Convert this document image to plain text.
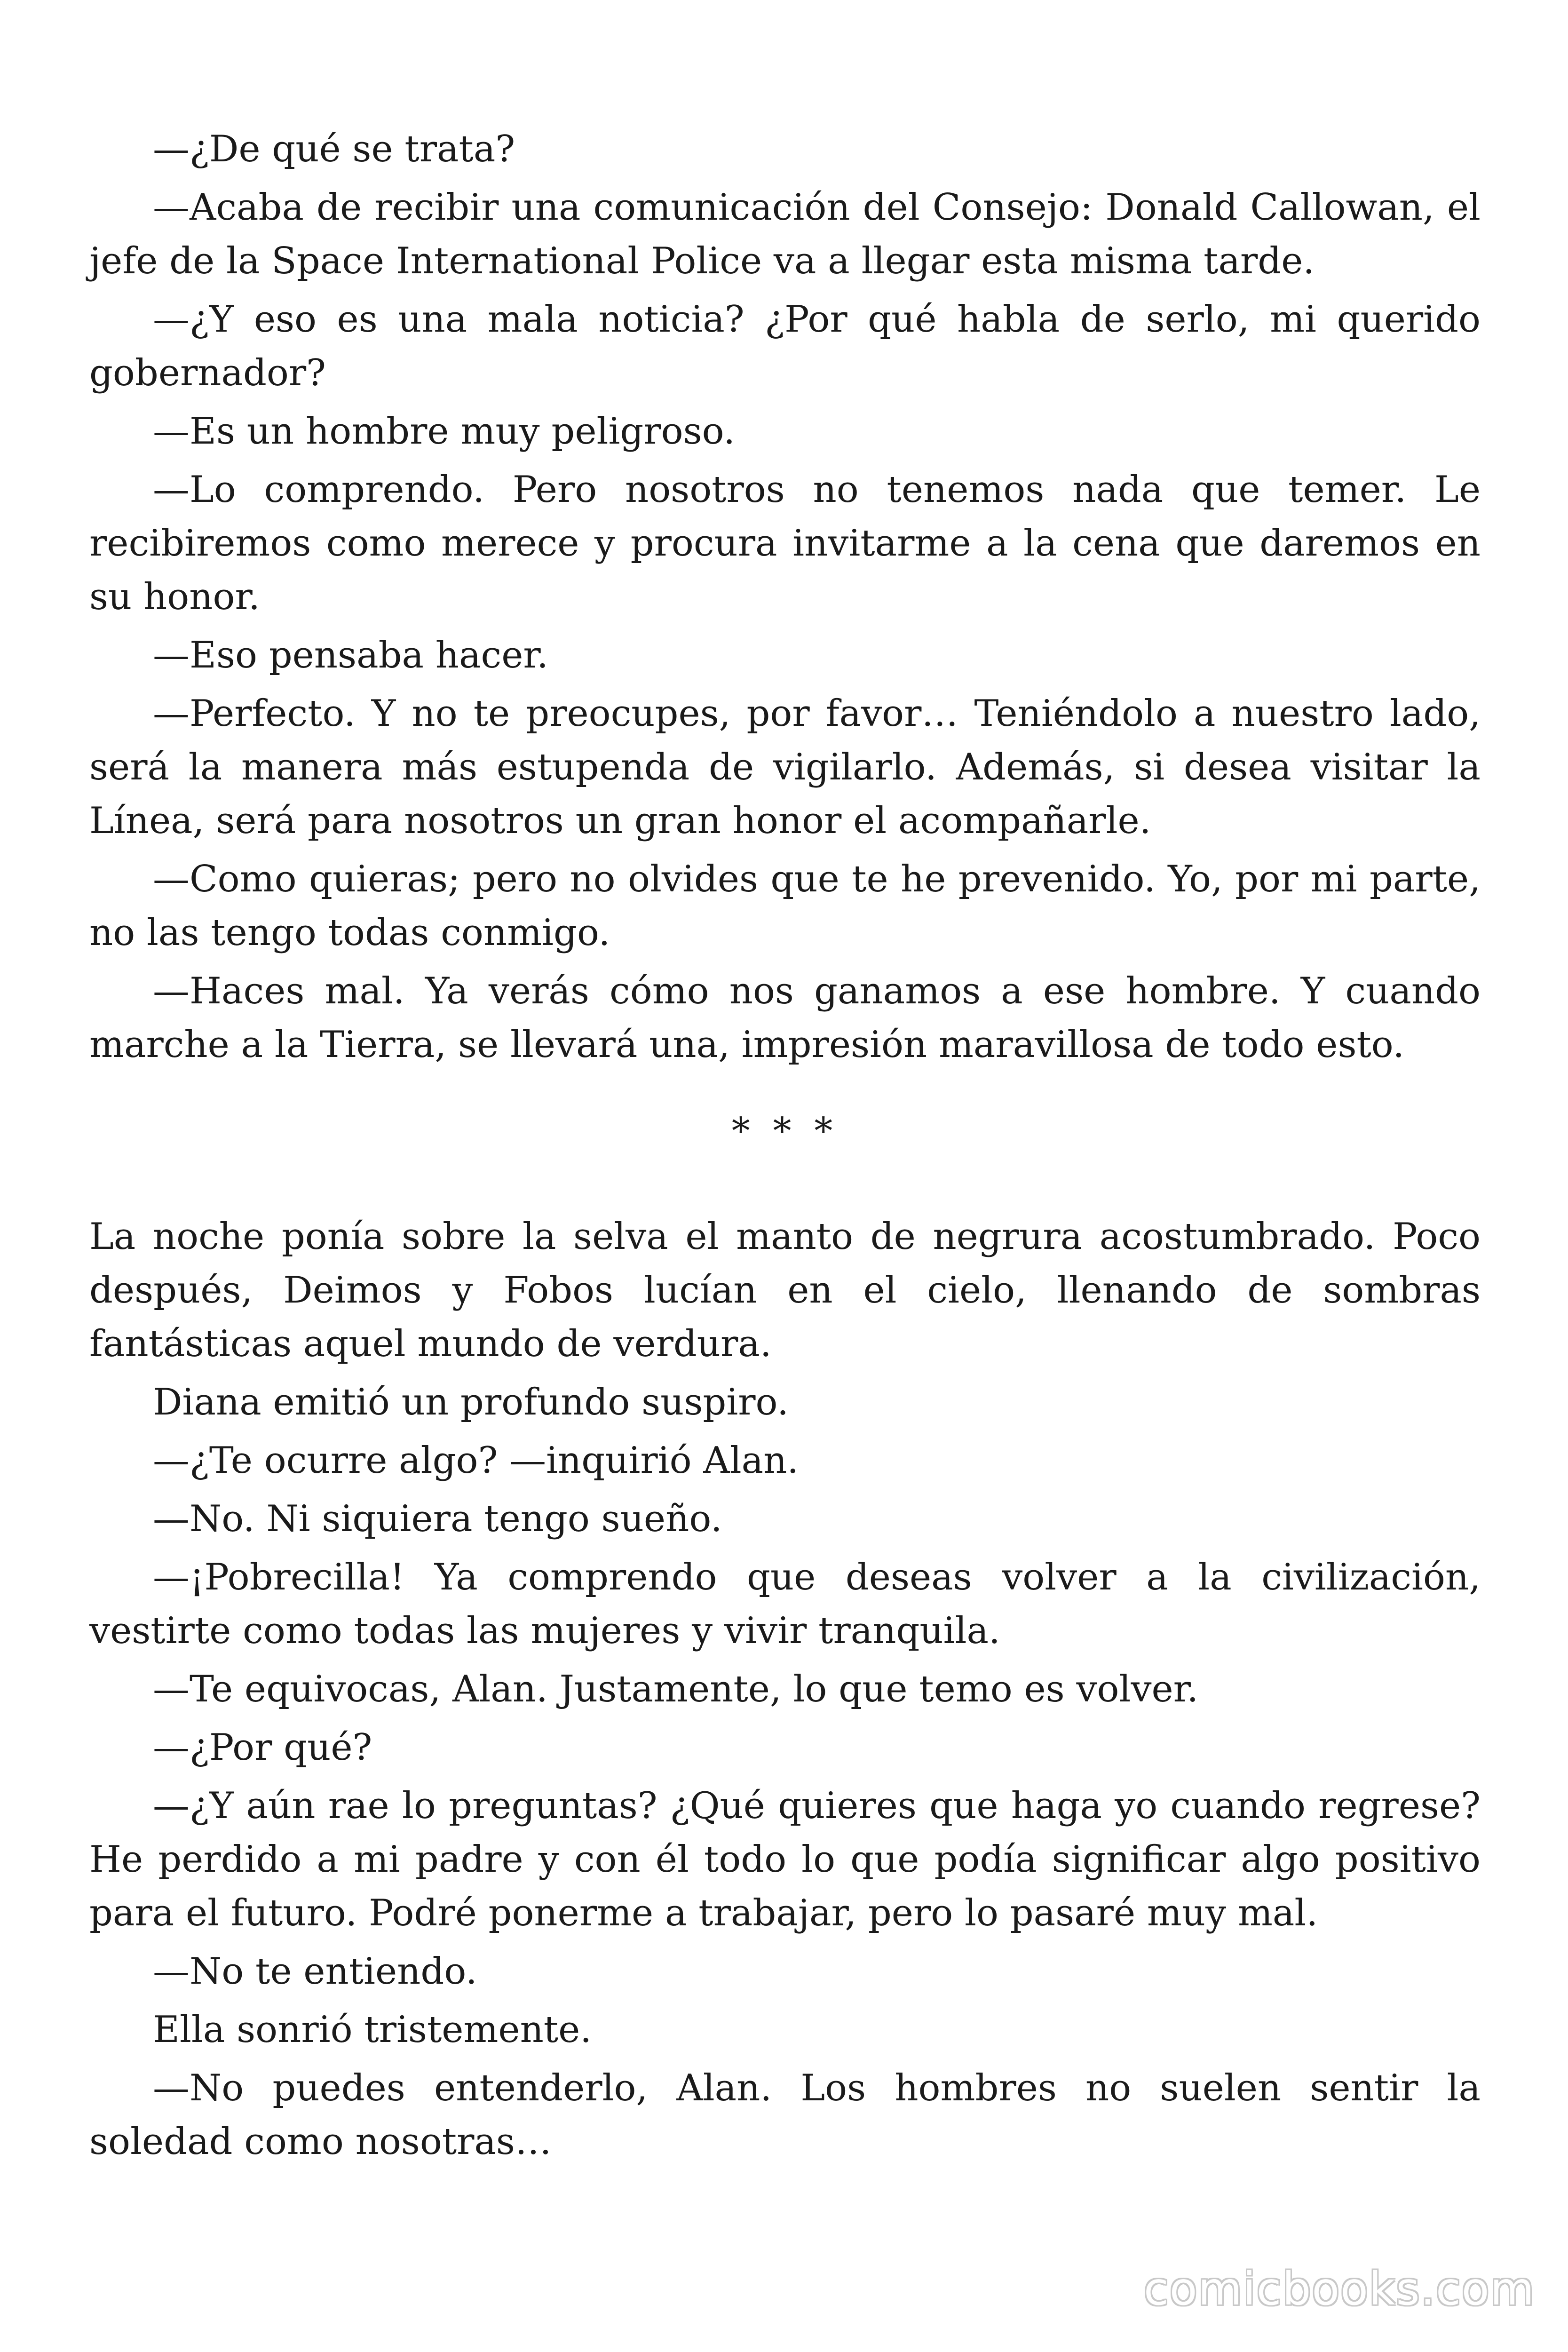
—¿De qué se trata?

—Acaba de recibir una comunicación del Consejo: Donald Callowan, el jefe de la Space International Police va a llegar esta misma tarde.

—¿Y eso es una mala noticia? ¿Por qué habla de serlo, mi querido gobernador?

—Es un hombre muy peligroso.

—Lo comprendo. Pero nosotros no tenemos nada que temer. Le recibiremos como merece y procura invitarme a la cena que daremos en su honor.

—Eso pensaba hacer.

—Perfecto. Y no te preocupes, por favor… Teniéndolo a nuestro lado, será la manera más estupenda de vigilarlo. Además, si desea visitar la Línea, será para nosotros un gran honor el acompañarle.

—Como quieras; pero no olvides que te he prevenido. Yo, por mi parte, no las tengo todas conmigo.

—Haces mal. Ya verás cómo nos ganamos a ese hombre. Y cuando marche a la Tierra, se llevará una, impresión maravillosa de todo esto.

* * *

La noche ponía sobre la selva el manto de negrura acostumbrado. Poco después, Deimos y Fobos lucían en el cielo, llenando de sombras fantásticas aquel mundo de verdura.

Diana emitió un profundo suspiro.

—¿Te ocurre algo? —inquirió Alan.

—No. Ni siquiera tengo sueño.

—¡Pobrecilla! Ya comprendo que deseas volver a la civilización, vestirte como todas las mujeres y vivir tranquila.

—Te equivocas, Alan. Justamente, lo que temo es volver.

—¿Por qué?

—¿Y aún rae lo preguntas? ¿Qué quieres que haga yo cuando regrese? He perdido a mi padre y con él todo lo que podía significar algo positivo para el futuro. Podré ponerme a trabajar, pero lo pasaré muy mal.

—No te entiendo.

Ella sonrió tristemente.

—No puedes entenderlo, Alan. Los hombres no suelen sentir la soledad como nosotras…

comicbooks.com
